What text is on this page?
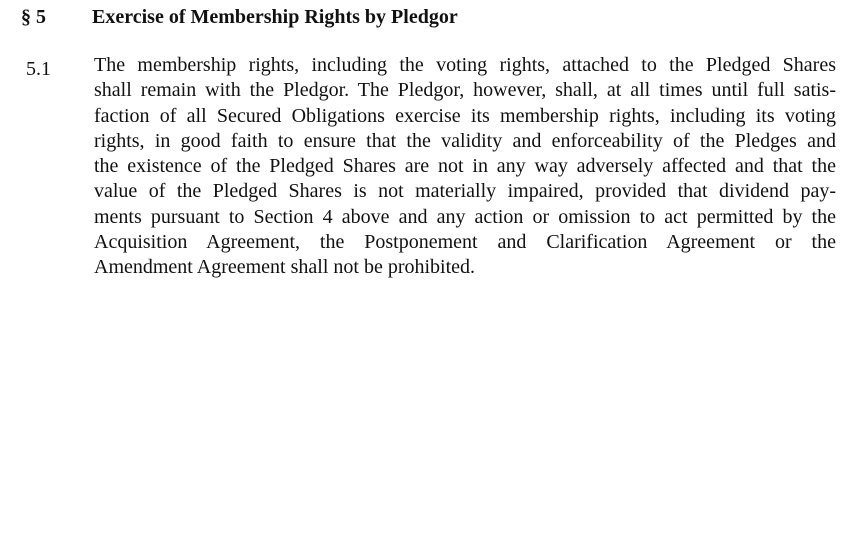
§ 5 Exercise of Membership Rights by Pledgor
5.1 The membership rights, including the voting rights, attached to the Pledged Shares
shall remain with the Pledgor. The Pledgor, however, shall, at all times until full satis-
faction of all Secured Obligations exercise its membership rights, including its voting
rights, in good faith to ensure that the validity and enforceability of the Pledges and
the existence of the Pledged Shares are not in any way adversely affected and that the
value of the Pledged Shares is not materially impaired, provided that dividend pay-
ments pursuant to Section 4 above and any action or omission to act permitted by the
Acquisition Agreement, the Postponement and Clarification Agreement or the
Amendment Agreement shall not be prohibited.
